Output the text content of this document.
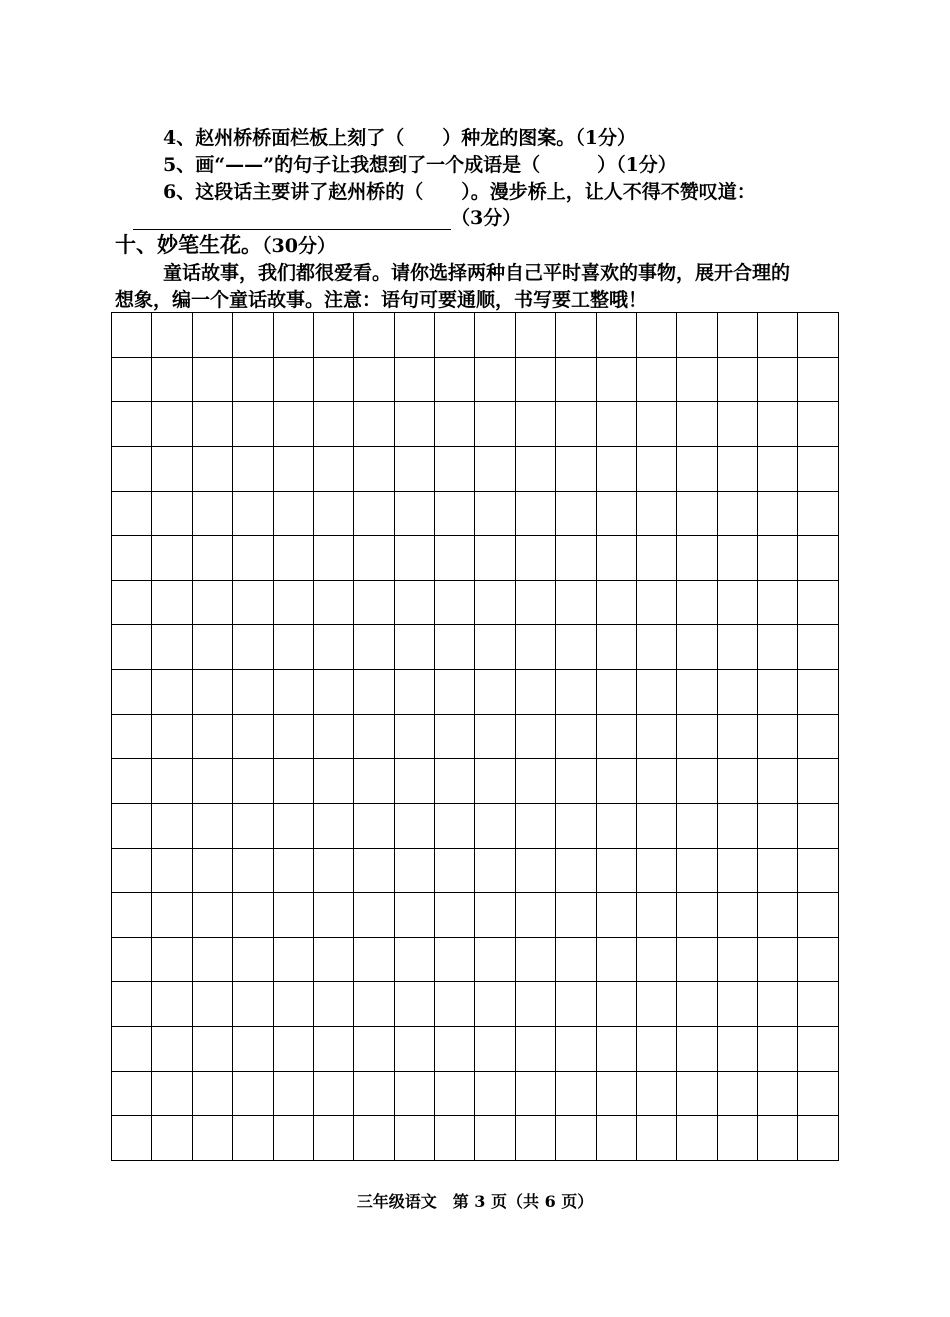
4、赵州桥桥面栏板上刻了（　　）种龙的图案。（1分）
5、画“——”的句子让我想到了一个成语是（　　　）（1分）
6、这段话主要讲了赵州桥的（　　）。漫步桥上，让人不得不赞叹道：
（3分）
十、妙笔生花。（30分）
童话故事，我们都很爱看。请你选择两种自己平时喜欢的事物，展开合理的
想象，编一个童话故事。注意：语句可要通顺，书写要工整哦！

三年级语文　第 3 页（共 6 页）
